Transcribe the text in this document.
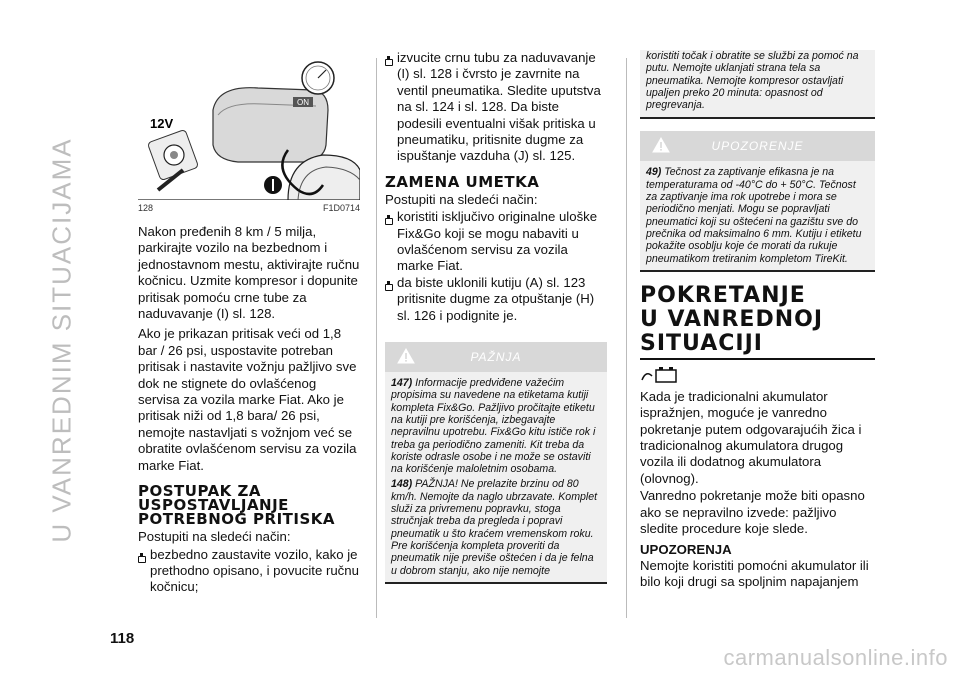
U VANREDNIM SITUACIJAMA
118
ON
12V
128	F1D0714

Nakon pređenih 8 km / 5 milja, parkirajte vozilo na bezbednom i jednostavnom mestu, aktivirajte ručnu kočnicu. Uzmite kompresor i dopunite pritisak pomoću crne tube za naduvavanje (I) sl. 128.

Ako je prikazan pritisak veći od 1,8 bar / 26 psi, uspostavite potreban pritisak i nastavite vožnju pažljivo sve dok ne stignete do ovlašćenog servisa za vozila marke Fiat. Ako je pritisak niži od 1,8 bara/ 26 psi, nemojte nastavljati s vožnjom već se obratite ovlašćenom servisu za vozila marke Fiat.

POSTUPAK ZA USPOSTAVLJANJE POTREBNOG PRITISKA

Postupiti na sledeći način:

bezbedno zaustavite vozilo, kako je prethodno opisano, i povucite ručnu kočnicu;
izvucite crnu tubu za naduvavanje (I) sl. 128 i čvrsto je zavrnite na ventil pneumatika. Sledite uputstva na sl. 124 i sl. 128. Da biste podesili eventualni višak pritiska u pneumatiku, pritisnite dugme za ispuštanje vazduha (J) sl. 125.
ZAMENA UMETKA

Postupiti na sledeći način:

koristiti isključivo originalne uloške Fix&Go koji se mogu nabaviti u ovlašćenom servisu za vozila marke Fiat.
da biste uklonili kutiju (A) sl. 123 pritisnite dugme za otpuštanje (H) sl. 126 i podignite je.
PAŽNJA

147) Informacije predviđene važećim propisima su navedene na etiketama kutiji kompleta Fix&Go. Pažljivo pročitajte etiketu na kutiji pre korišćenja, izbegavajte nepravilnu upotrebu. Fix&Go kitu ističe rok i treba ga periodično zameniti. Kit treba da koriste odrasle osobe i ne može se ostaviti na korišćenje maloletnim osobama.

148) PAŽNJA! Ne prelazite brzinu od 80 km/h. Nemojte da naglo ubrzavate. Komplet služi za privremenu popravku, stoga stručnjak treba da pregleda i popravi pneumatik u što kraćem vremenskom roku. Pre korišćenja kompleta proveriti da pneumatik nije previše oštećen i da je felna u dobrom stanju, ako nije nemojte

koristiti točak i obratite se službi za pomoć na putu. Nemojte uklanjati strana tela sa pneumatika. Nemojte kompresor ostavljati upaljen preko 20 minuta: opasnost od pregrevanja.

UPOZORENJE

49) Tečnost za zaptivanje efikasna je na temperaturama od -40°C do + 50°C. Tečnost za zaptivanje ima rok upotrebe i mora se periodično menjati. Mogu se popravljati pneumatici koji su oštećeni na gazištu sve do prečnika od maksimalno 6 mm. Kutiju i etiketu pokažite osoblju koje će morati da rukuje pneumatikom tretiranim kompletom TireKit.

POKRETANJE
U VANREDNOJ
SITUACIJI

Kada je tradicionalni akumulator ispražnjen, moguće je vanredno pokretanje putem odgovarajućih žica i tradicionalnog akumulatora drugog vozila ili dodatnog akumulatora (olovnog).

Vanredno pokretanje može biti opasno ako se nepravilno izvede: pažljivo sledite procedure koje slede.

UPOZORENJA

Nemojte koristiti pomoćni akumulator ili bilo koji drugi sa spoljnim napajanjem

carmanualsonline.info
